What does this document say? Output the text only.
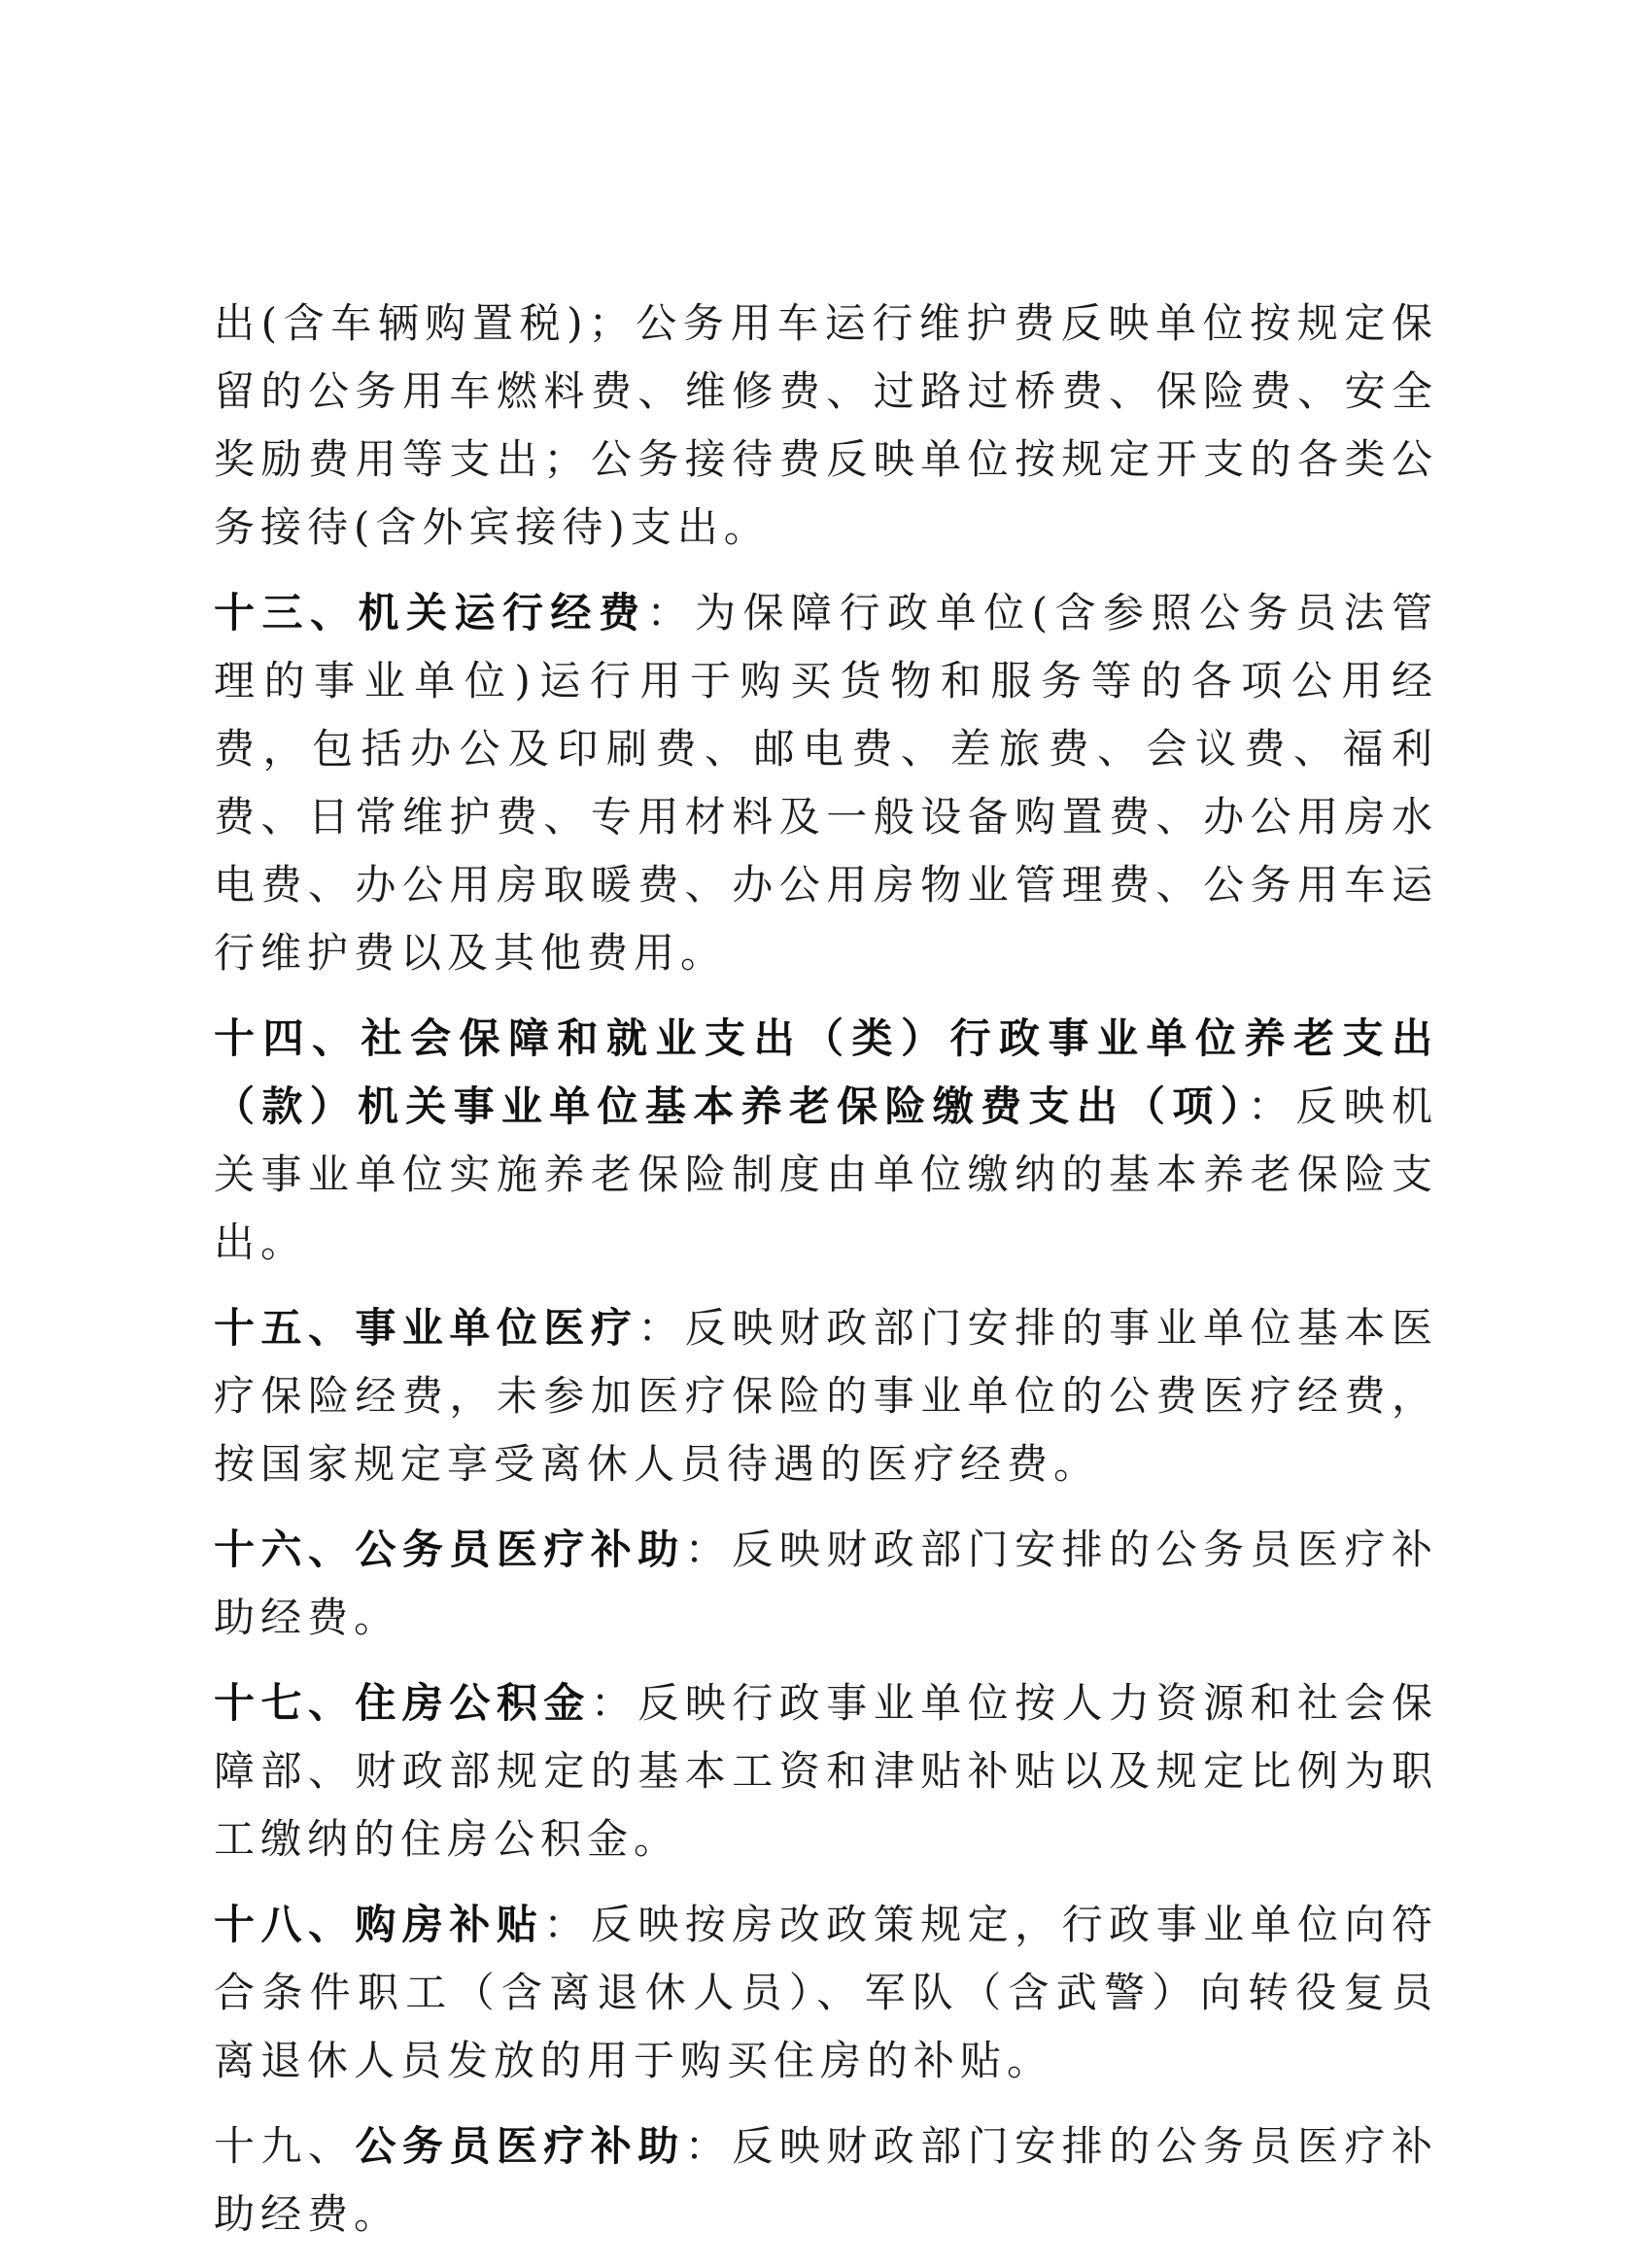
出(含车辆购置税)；公务用车运行维护费反映单位按规定保留的公务用车燃料费、维修费、过路过桥费、保险费、安全奖励费用等支出；公务接待费反映单位按规定开支的各类公务接待(含外宾接待)支出。

十三、机关运行经费：为保障行政单位(含参照公务员法管理的事业单位)运行用于购买货物和服务等的各项公用经费，包括办公及印刷费、邮电费、差旅费、会议费、福利费、日常维护费、专用材料及一般设备购置费、办公用房水电费、办公用房取暖费、办公用房物业管理费、公务用车运行维护费以及其他费用。

十四、社会保障和就业支出（类）行政事业单位养老支出（款）机关事业单位基本养老保险缴费支出（项）：反映机关事业单位实施养老保险制度由单位缴纳的基本养老保险支出。

十五、事业单位医疗：反映财政部门安排的事业单位基本医疗保险经费，未参加医疗保险的事业单位的公费医疗经费，按国家规定享受离休人员待遇的医疗经费。

十六、公务员医疗补助：反映财政部门安排的公务员医疗补助经费。

十七、住房公积金：反映行政事业单位按人力资源和社会保障部、财政部规定的基本工资和津贴补贴以及规定比例为职工缴纳的住房公积金。

十八、购房补贴：反映按房改政策规定，行政事业单位向符合条件职工（含离退休人员）、军队（含武警）向转役复员离退休人员发放的用于购买住房的补贴。

十九、公务员医疗补助：反映财政部门安排的公务员医疗补助经费。
